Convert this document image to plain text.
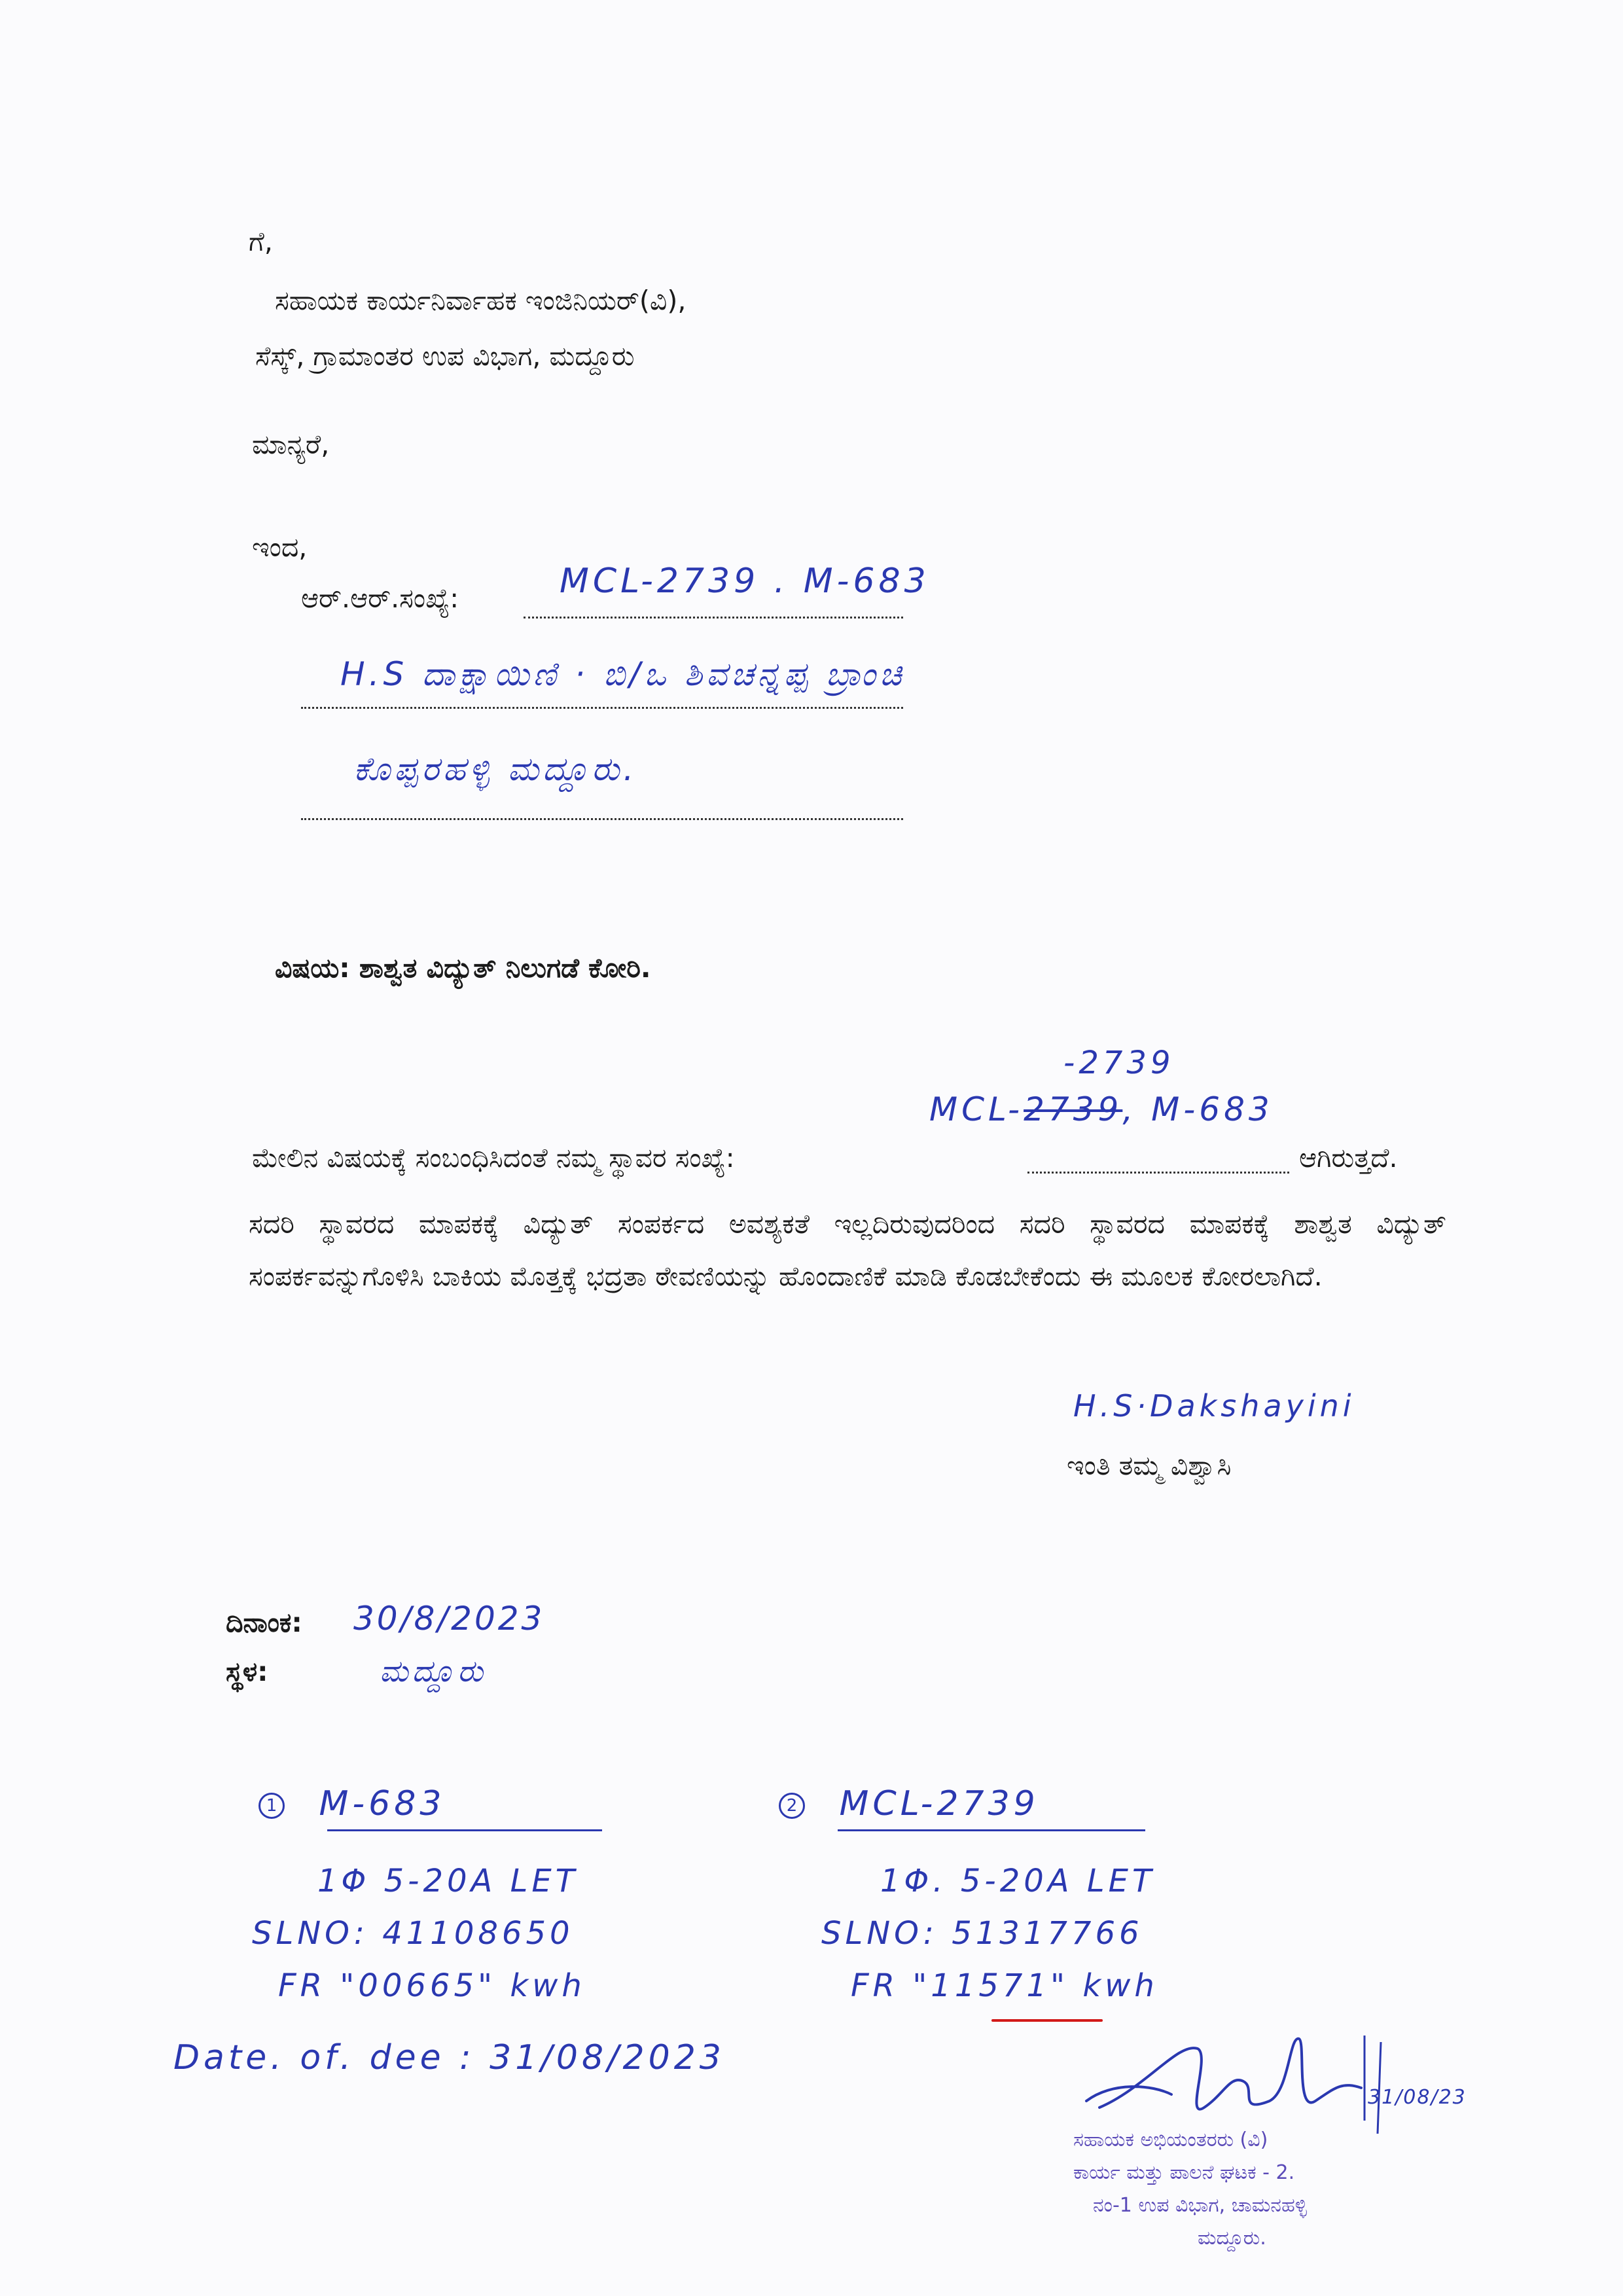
ಗೆ,
ಸಹಾಯಕ ಕಾರ್ಯನಿರ್ವಾಹಕ ಇಂಜಿನಿಯರ್(ವಿ),
ಸೆಸ್ಕ್, ಗ್ರಾಮಾಂತರ ಉಪ ವಿಭಾಗ, ಮದ್ದೂರು
ಮಾನ್ಯರೆ,
ಇಂದ,
ಆರ್.ಆರ್.ಸಂಖ್ಯೆ:	MCL-2739 . M-683
H.S ದಾಕ್ಷಾಯಿಣಿ · ಬಿ/ಒ ಶಿವಚನ್ನಪ್ಪ ಬ್ರಾಂಚಿ
ಕೊಪ್ಪರಹಳ್ಳಿ ಮದ್ದೂರು.
ವಿಷಯ: ಶಾಶ್ವತ ವಿದ್ಯುತ್ ನಿಲುಗಡೆ ಕೋರಿ.
-2739
MCL-2739, M-683
ಮೇಲಿನ ವಿಷಯಕ್ಕೆ ಸಂಬಂಧಿಸಿದಂತೆ ನಮ್ಮ ಸ್ಥಾವರ ಸಂಖ್ಯೆ:	ಆಗಿರುತ್ತದೆ.
ಸದರಿ ಸ್ಥಾವರದ ಮಾಪಕಕ್ಕೆ ವಿದ್ಯುತ್ ಸಂಪರ್ಕದ ಅವಶ್ಯಕತೆ ಇಲ್ಲದಿರುವುದರಿಂದ ಸದರಿ ಸ್ಥಾವರದ ಮಾಪಕಕ್ಕೆ ಶಾಶ್ವತ ವಿದ್ಯುತ್ ಸಂಪರ್ಕವನ್ನುಗೊಳಿಸಿ ಬಾಕಿಯ ಮೊತ್ತಕ್ಕೆ ಭದ್ರತಾ ಠೇವಣಿಯನ್ನು ಹೊಂದಾಣಿಕೆ ಮಾಡಿ ಕೊಡಬೇಕೆಂದು ಈ ಮೂಲಕ ಕೋರಲಾಗಿದೆ.
H.S·Dakshayini
ಇಂತಿ ತಮ್ಮ ವಿಶ್ವಾಸಿ
ದಿನಾಂಕ: 30/8/2023
ಸ್ಥಳ:	ಮದ್ದೂರು
1 M-683
1Φ 5-20A LET
SLNO: 41108650
FR "00665" kwh
2 MCL-2739
1Φ. 5-20A LET
SLNO: 51317766
FR "11571" kwh
Date. of. dee : 31/08/2023
31/08/23
ಸಹಾಯಕ ಅಭಿಯಂತರರು (ವಿ)
ಕಾರ್ಯ ಮತ್ತು ಪಾಲನೆ ಘಟಕ - 2.
ನಂ-1 ಉಪ ವಿಭಾಗ, ಚಾಮನಹಳ್ಳಿ
ಮದ್ದೂರು.
